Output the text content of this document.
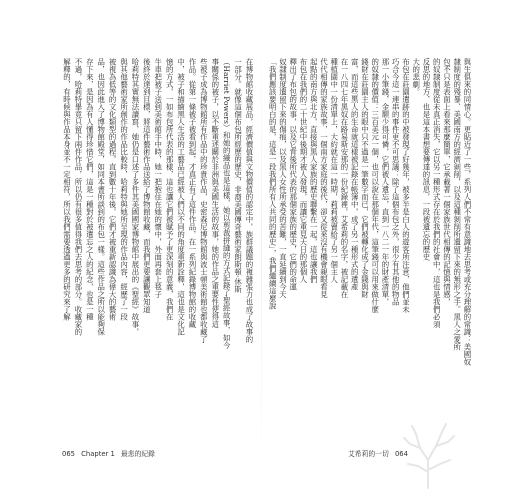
在博物館收藏展品，經濟價值與文物價值的認定中，族群議題的複雜張力也成了故事的
一部分。就像這個布包所經歷的歷史，非裔美國傳奇藝術家朗斯頓·休斯
（Harriet Powers）和她的織品也是這樣，她以剪裁拼縫的方式記錄了聖經故事，如今
事關係的被子，以不斷重述關於非洲與美國生活的故事，她的作品之重要性使得這
些被子成為博物館所有作品中的珍貴作品，史密森尼博物館與波士頓美術館也都收藏了
作品。從第一條被子被看到起，才真正有了這件作品，在一系列紀錄博物館的收藏
中，被子和描繪黑人生活的工藝品已經被人們以不同的角度重新詮釋，這也是文化記
憶的方式，一如布包所代表的那樣，這也讓它們被賦予了更深刻的意義，我們在
牛車把被子送到美術館手中時，她一把抱住在她的懷中，外面再套上毯子
後終於達到目標，將這件藝術作品送給了博物館收藏，而我們更要讓觀眾知道
哈莉特其實無法讀寫，她仍是口述了多件其美國國家博物館中展出的《聖經》故事，
與其他藝術家所創作的作品比較時，哈莉特與她所呈現的作品內容，經歷了一段
被視為低等的文化類型的過程，直到數十年後，它們才被重新認識為偉大的藝術
品，也因此進入了博物館殿堂，如同本書所談到的布包一樣。這些作品之所以能夠保
存下來，是因為有人懂得珍惜它們，這是一種對於被遺忘之人的紀念，也是一種
不過，哈莉特畢竟只留下兩件作品，所以仍有很多值得我們去思考的部分。收藏家的
解釋的，有時候與作品本身並不一定相符，所以我們需要透過更多的研究來了解	與生俱來的同情心。更貼近了一些，系列人們不常有意識地去思考或充分理解的常識：美國奴
隸制度的殘暴、美國南方的經濟剝削，以及這種剝削所遺留下來的無形之手。黑人之愛所
包不只是表面上看來那麼簡單，它承載著一個家族世代相傳的記憶與情感，
的奴隸制度從未真正消失，它以另一種形式存在於我們的社會中，這也是我們必須
反思的地方，也是這本書想要傳達的訊息，一段被遺忘的歷史
大的悲劇。
布包在莊園遺跡的中被發現了好幾年，被多半是白人的遊客所注意，他們並未
巧合今這一連串的事件更不可思議：除了這個布包之外，很少有其他的物品
那一小筆錢，金額少得可憐，它們被人遺忘，直到一八二一年的財產清單，
的奴隸的價值：三百美元一個，也可以說在那個年代，這筆錢可以用來做什麼
錢財在莊園主人的眼中只不過是一筆數字而已，它們被轉化成了金錢與財
富，而這些黑人的生命就這樣被記錄在帳簿中，成了另一種形式的遺產
在一八四七年黑奴在路易斯安那的一份紀錄裡，艾希莉的名字，被記載在
種植園中一份清單上，大約就在這一時期，莉莉被賣給了另一個主人
代代相傳的家族故事，一個南方家庭的後代，卻又從來沒有機會親眼看見
起點的南方與北方，直接與黑人家族的歷史聯繫在一起，這也讓我們
布包在我們的二十世紀中後期才被人發現，而讓它重見天日的那個人
釋出了布包的故事，以及它背後所代表的那個家族的歷史，它們的命運
奴隸制度遺留下來的傷痕，以及黑人女性所承受的苦難，一直延續到今天
「我們應該要明白的是，這是一段我們所有人共同的歷史」，我們繼續這麼說
065 Chapter 1 最悲的紀錄	艾希莉的一切 064
